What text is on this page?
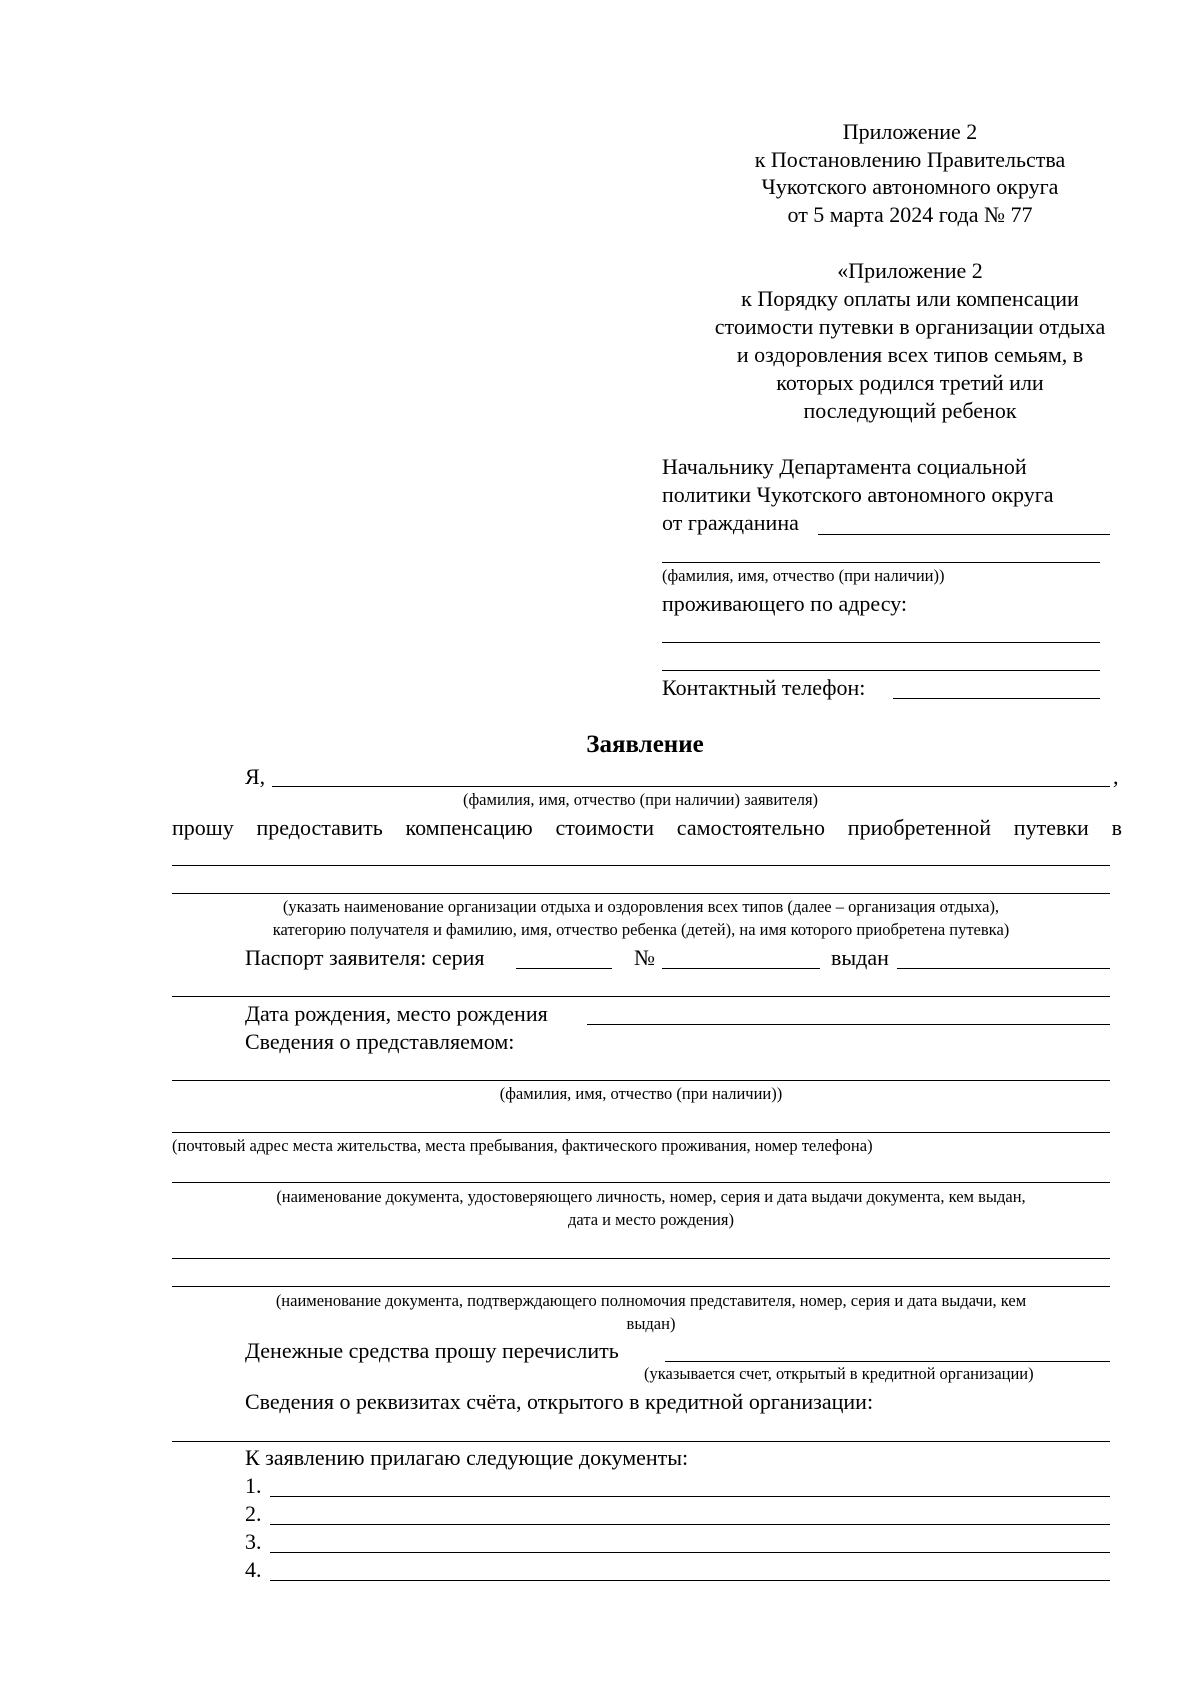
Приложение 2
к Постановлению Правительства
Чукотского автономного округа
от 5 марта 2024 года № 77
«Приложение 2
к Порядку оплаты или компенсации
стоимости путевки в организации отдыха
и оздоровления всех типов семьям, в
которых родился третий или
последующий ребенок
Начальнику Департамента социальной
политики Чукотского автономного округа
от гражданина
(фамилия, имя, отчество (при наличии))
проживающего по адресу:
Контактный телефон:
Заявление
Я,	,
(фамилия, имя, отчество (при наличии) заявителя)
прошу предоставить компенсацию стоимости самостоятельно приобретенной путевки в
(указать наименование организации отдыха и оздоровления всех типов (далее – организация отдыха),
категорию получателя и фамилию, имя, отчество ребенка (детей), на имя которого приобретена путевка)
Паспорт заявителя: серия	№	выдан
Дата рождения, место рождения
Сведения о представляемом:
(фамилия, имя, отчество (при наличии))
(почтовый адрес места жительства, места пребывания, фактического проживания, номер телефона)
(наименование документа, удостоверяющего личность, номер, серия и дата выдачи документа, кем выдан,
дата и место рождения)
(наименование документа, подтверждающего полномочия представителя, номер, серия и дата выдачи, кем
выдан)
Денежные средства прошу перечислить
(указывается счет, открытый в кредитной организации)
Сведения о реквизитах счёта, открытого в кредитной организации:
К заявлению прилагаю следующие документы:
1.
2.
3.
4.
